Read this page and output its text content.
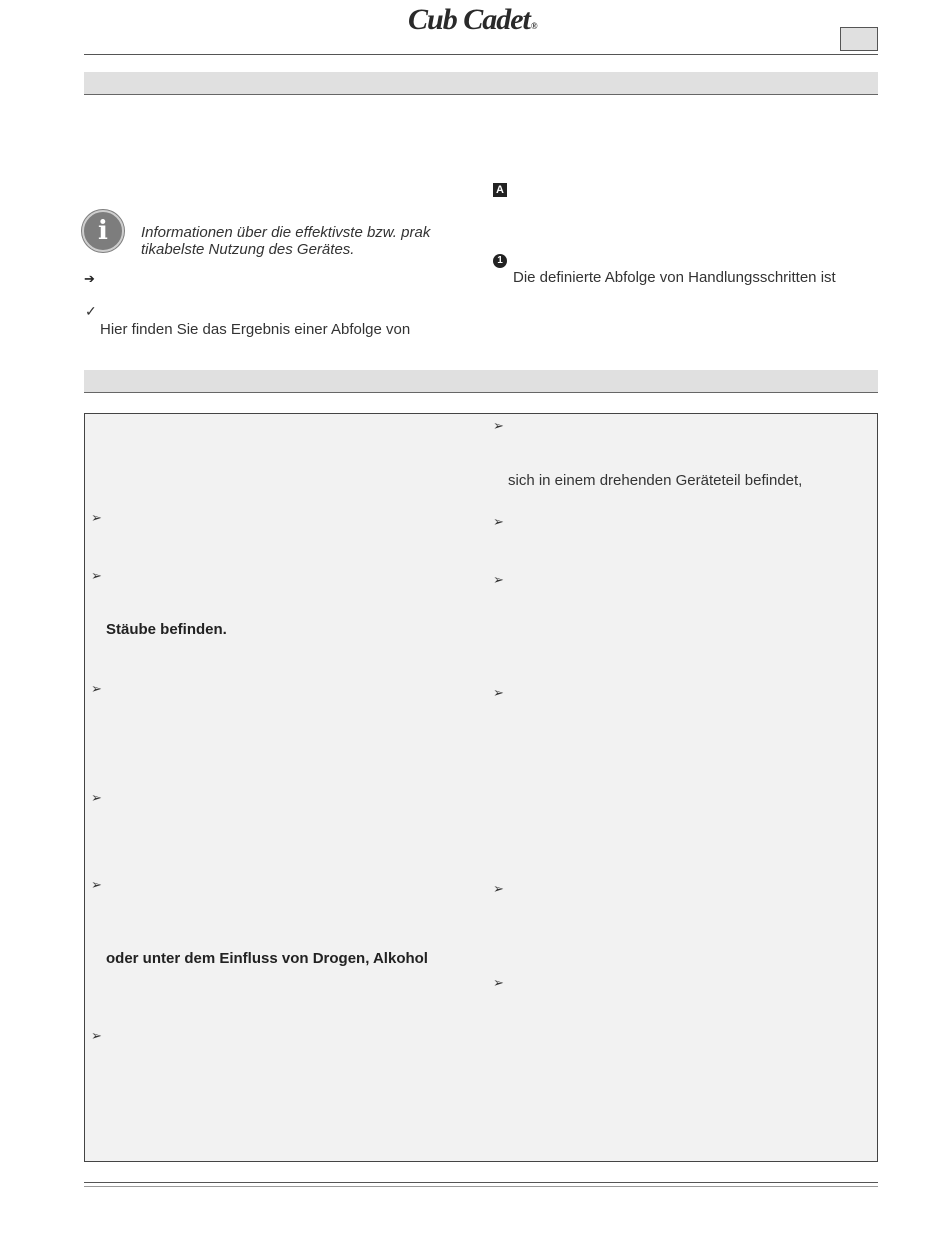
Cub Cadet®
i	Informationen über die effektivste bzw. prak
tikabelste Nutzung des Gerätes.
➔
✓
Hier finden Sie das Ergebnis einer Abfolge von
A
1
Die definierte Abfolge von Handlungsschritten ist
➢
➢
Stäube befinden.
➢
➢
➢
oder unter dem Einfluss von Drogen, Alkohol
➢
➢
sich in einem drehenden Geräteteil befindet,
➢
➢
➢
➢
➢
